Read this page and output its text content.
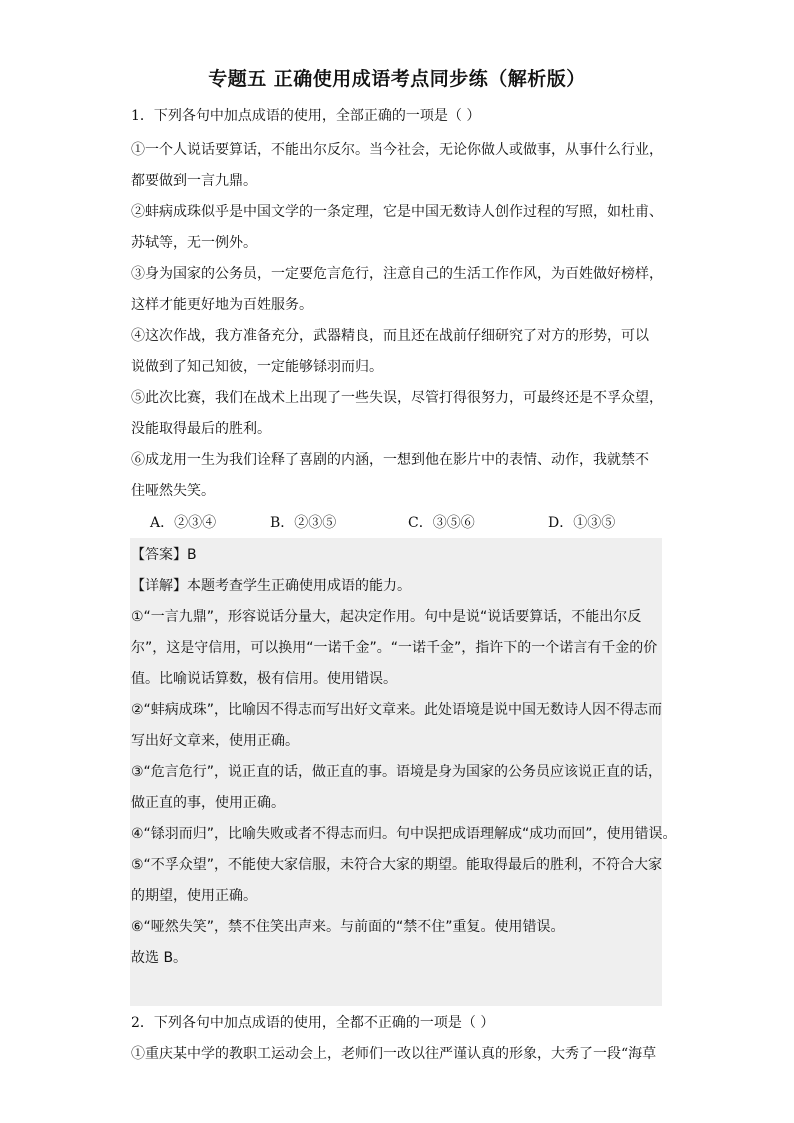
专题五 正确使用成语考点同步练（解析版）
1．下列各句中加点成语的使用，全部正确的一项是（ ）
①一个人说话要算话，不能出尔反尔。当今社会，无论你做人或做事，从事什么行业，
都要做到一言九鼎。
②蚌病成珠似乎是中国文学的一条定理，它是中国无数诗人创作过程的写照，如杜甫、
苏轼等，无一例外。
③身为国家的公务员，一定要危言危行，注意自己的生活工作作风，为百姓做好榜样，
这样才能更好地为百姓服务。
④这次作战，我方准备充分，武器精良，而且还在战前仔细研究了对方的形势，可以
说做到了知己知彼，一定能够铩羽而归。
⑤此次比赛，我们在战术上出现了一些失误，尽管打得很努力，可最终还是不孚众望，
没能取得最后的胜利。
⑥成龙用一生为我们诠释了喜剧的内涵，一想到他在影片中的表情、动作，我就禁不
住哑然失笑。
A．②③④	B．②③⑤	C．③⑤⑥	D．①③⑤
【答案】B
【详解】本题考查学生正确使用成语的能力。
①“一言九鼎”，形容说话分量大，起决定作用。句中是说“说话要算话，不能出尔反
尔”，这是守信用，可以换用“一诺千金”。“一诺千金”，指许下的一个诺言有千金的价
值。比喻说话算数，极有信用。使用错误。
②“蚌病成珠”，比喻因不得志而写出好文章来。此处语境是说中国无数诗人因不得志而
写出好文章来，使用正确。
③“危言危行”，说正直的话，做正直的事。语境是身为国家的公务员应该说正直的话，
做正直的事，使用正确。
④“铩羽而归”，比喻失败或者不得志而归。句中误把成语理解成“成功而回”，使用错误。
⑤“不孚众望”，不能使大家信服，未符合大家的期望。能取得最后的胜利，不符合大家
的期望，使用正确。
⑥“哑然失笑”，禁不住笑出声来。与前面的“禁不住”重复。使用错误。
故选 B。
2．下列各句中加点成语的使用，全都不正确的一项是（ ）
①重庆某中学的教职工运动会上，老师们一改以往严谨认真的形象，大秀了一段“海草
